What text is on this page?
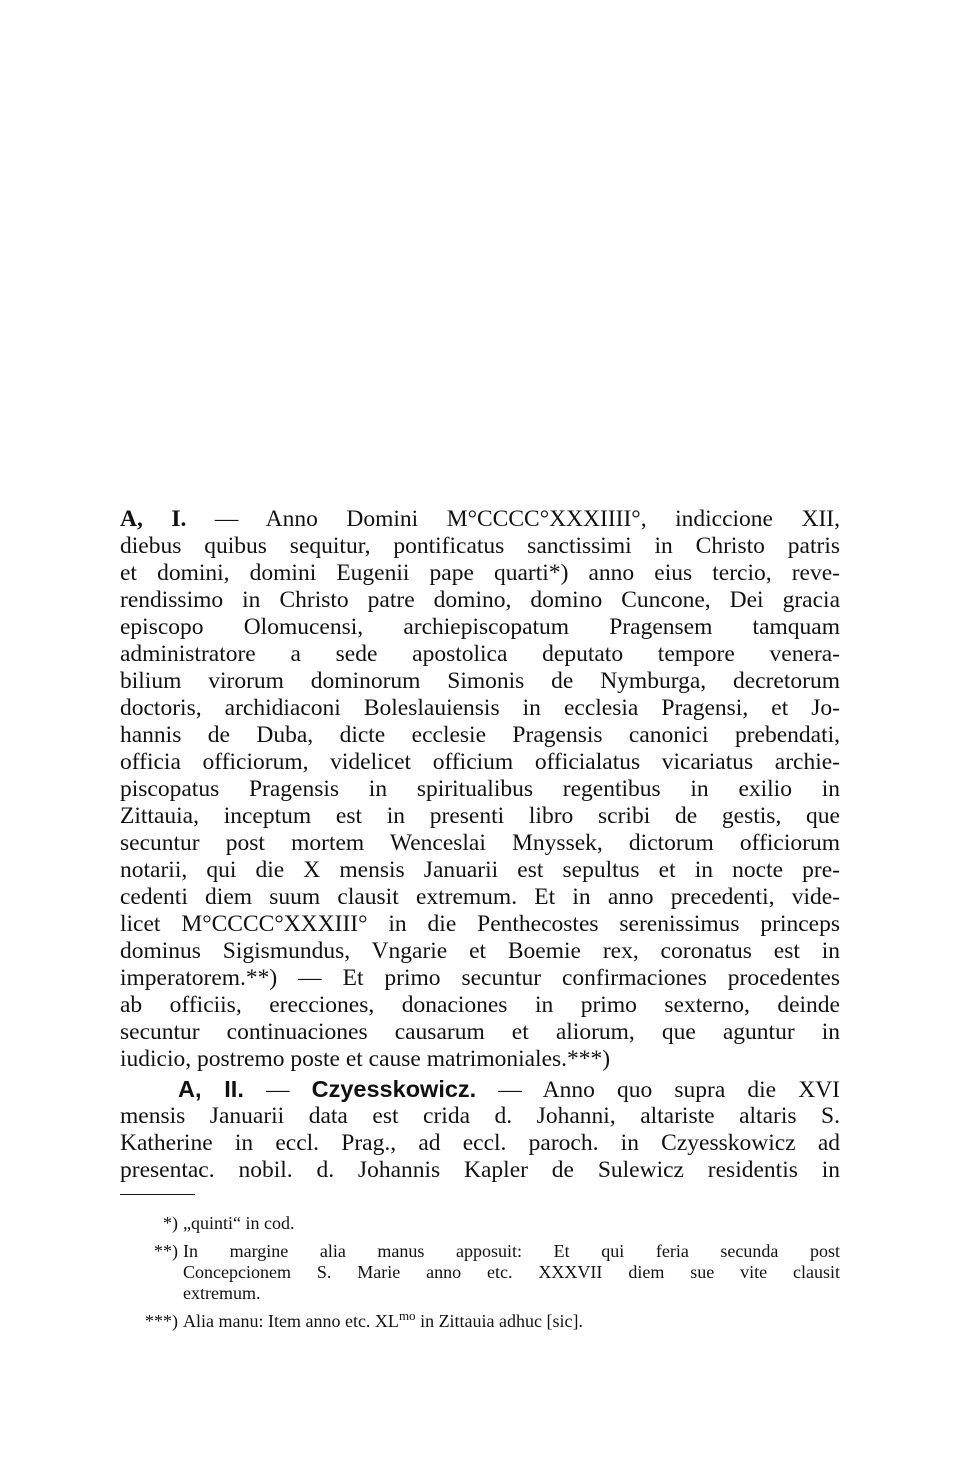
A, I. — Anno Domini M°CCCC°XXXIIII°, indiccione XII,
diebus quibus sequitur, pontificatus sanctissimi in Christo patris
et domini, domini Eugenii pape quarti*) anno eius tercio, reve-
rendissimo in Christo patre domino, domino Cuncone, Dei gracia
episcopo Olomucensi, archiepiscopatum Pragensem tamquam
administratore a sede apostolica deputato tempore venera-
bilium virorum dominorum Simonis de Nymburga, decretorum
doctoris, archidiaconi Boleslauiensis in ecclesia Pragensi, et Jo-
hannis de Duba, dicte ecclesie Pragensis canonici prebendati,
officia officiorum, videlicet officium officialatus vicariatus archie-
piscopatus Pragensis in spiritualibus regentibus in exilio in
Zittauia, inceptum est in presenti libro scribi de gestis, que
secuntur post mortem Wenceslai Mnyssek, dictorum officiorum
notarii, qui die X mensis Januarii est sepultus et in nocte pre-
cedenti diem suum clausit extremum. Et in anno precedenti, vide-
licet M°CCCC°XXXIII° in die Penthecostes serenissimus princeps
dominus Sigismundus, Vngarie et Boemie rex, coronatus est in
imperatorem.**) — Et primo secuntur confirmaciones procedentes
ab officiis, erecciones, donaciones in primo sexterno, deinde
secuntur continuaciones causarum et aliorum, que aguntur in
iudicio, postremo poste et cause matrimoniales.***)
A, II. — Czyesskowicz. — Anno quo supra die XVI
mensis Januarii data est crida d. Johanni, altariste altaris S.
Katherine in eccl. Prag., ad eccl. paroch. in Czyesskowicz ad
presentac. nobil. d. Johannis Kapler de Sulewicz residentis in
*) „quinti“ in cod.
**) In margine alia manus apposuit: Et qui feria secunda post
Concepcionem S. Marie anno etc. XXXVII diem sue vite clausit
extremum.
***) Alia manu: Item anno etc. $XL^{mo}$ in Zittauia adhuc [sic].
